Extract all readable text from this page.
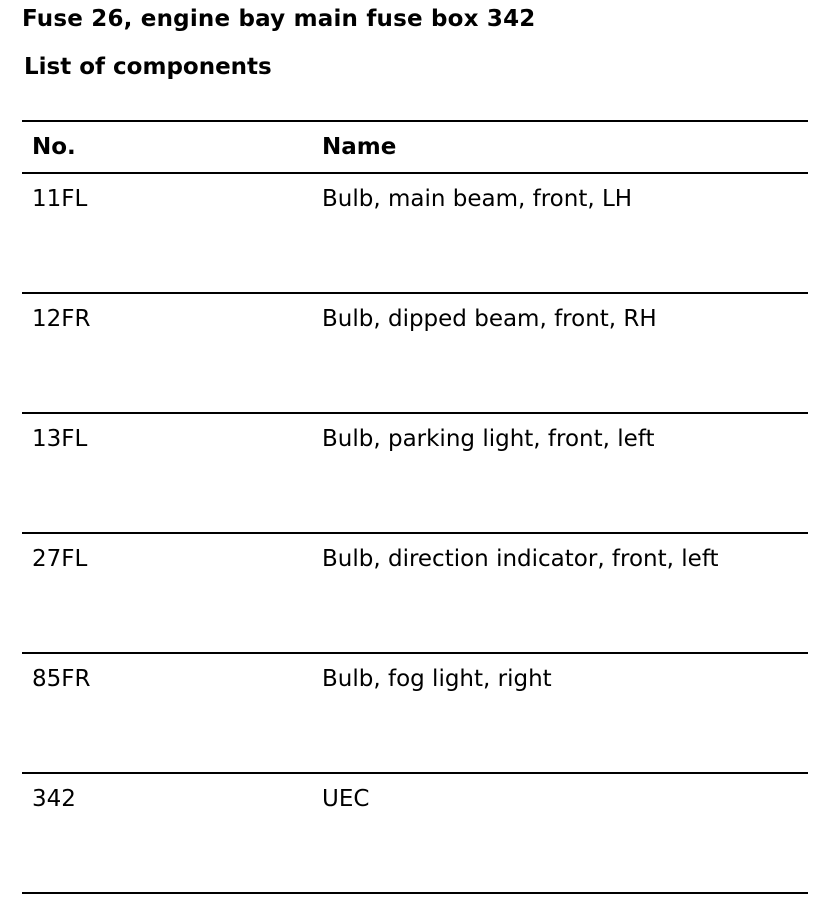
Fuse 26, engine bay main fuse box 342
List of components
No.	Name
11FL	Bulb, main beam, front, LH
12FR	Bulb, dipped beam, front, RH
13FL	Bulb, parking light, front, left
27FL	Bulb, direction indicator, front, left
85FR	Bulb, fog light, right
342	UEC
